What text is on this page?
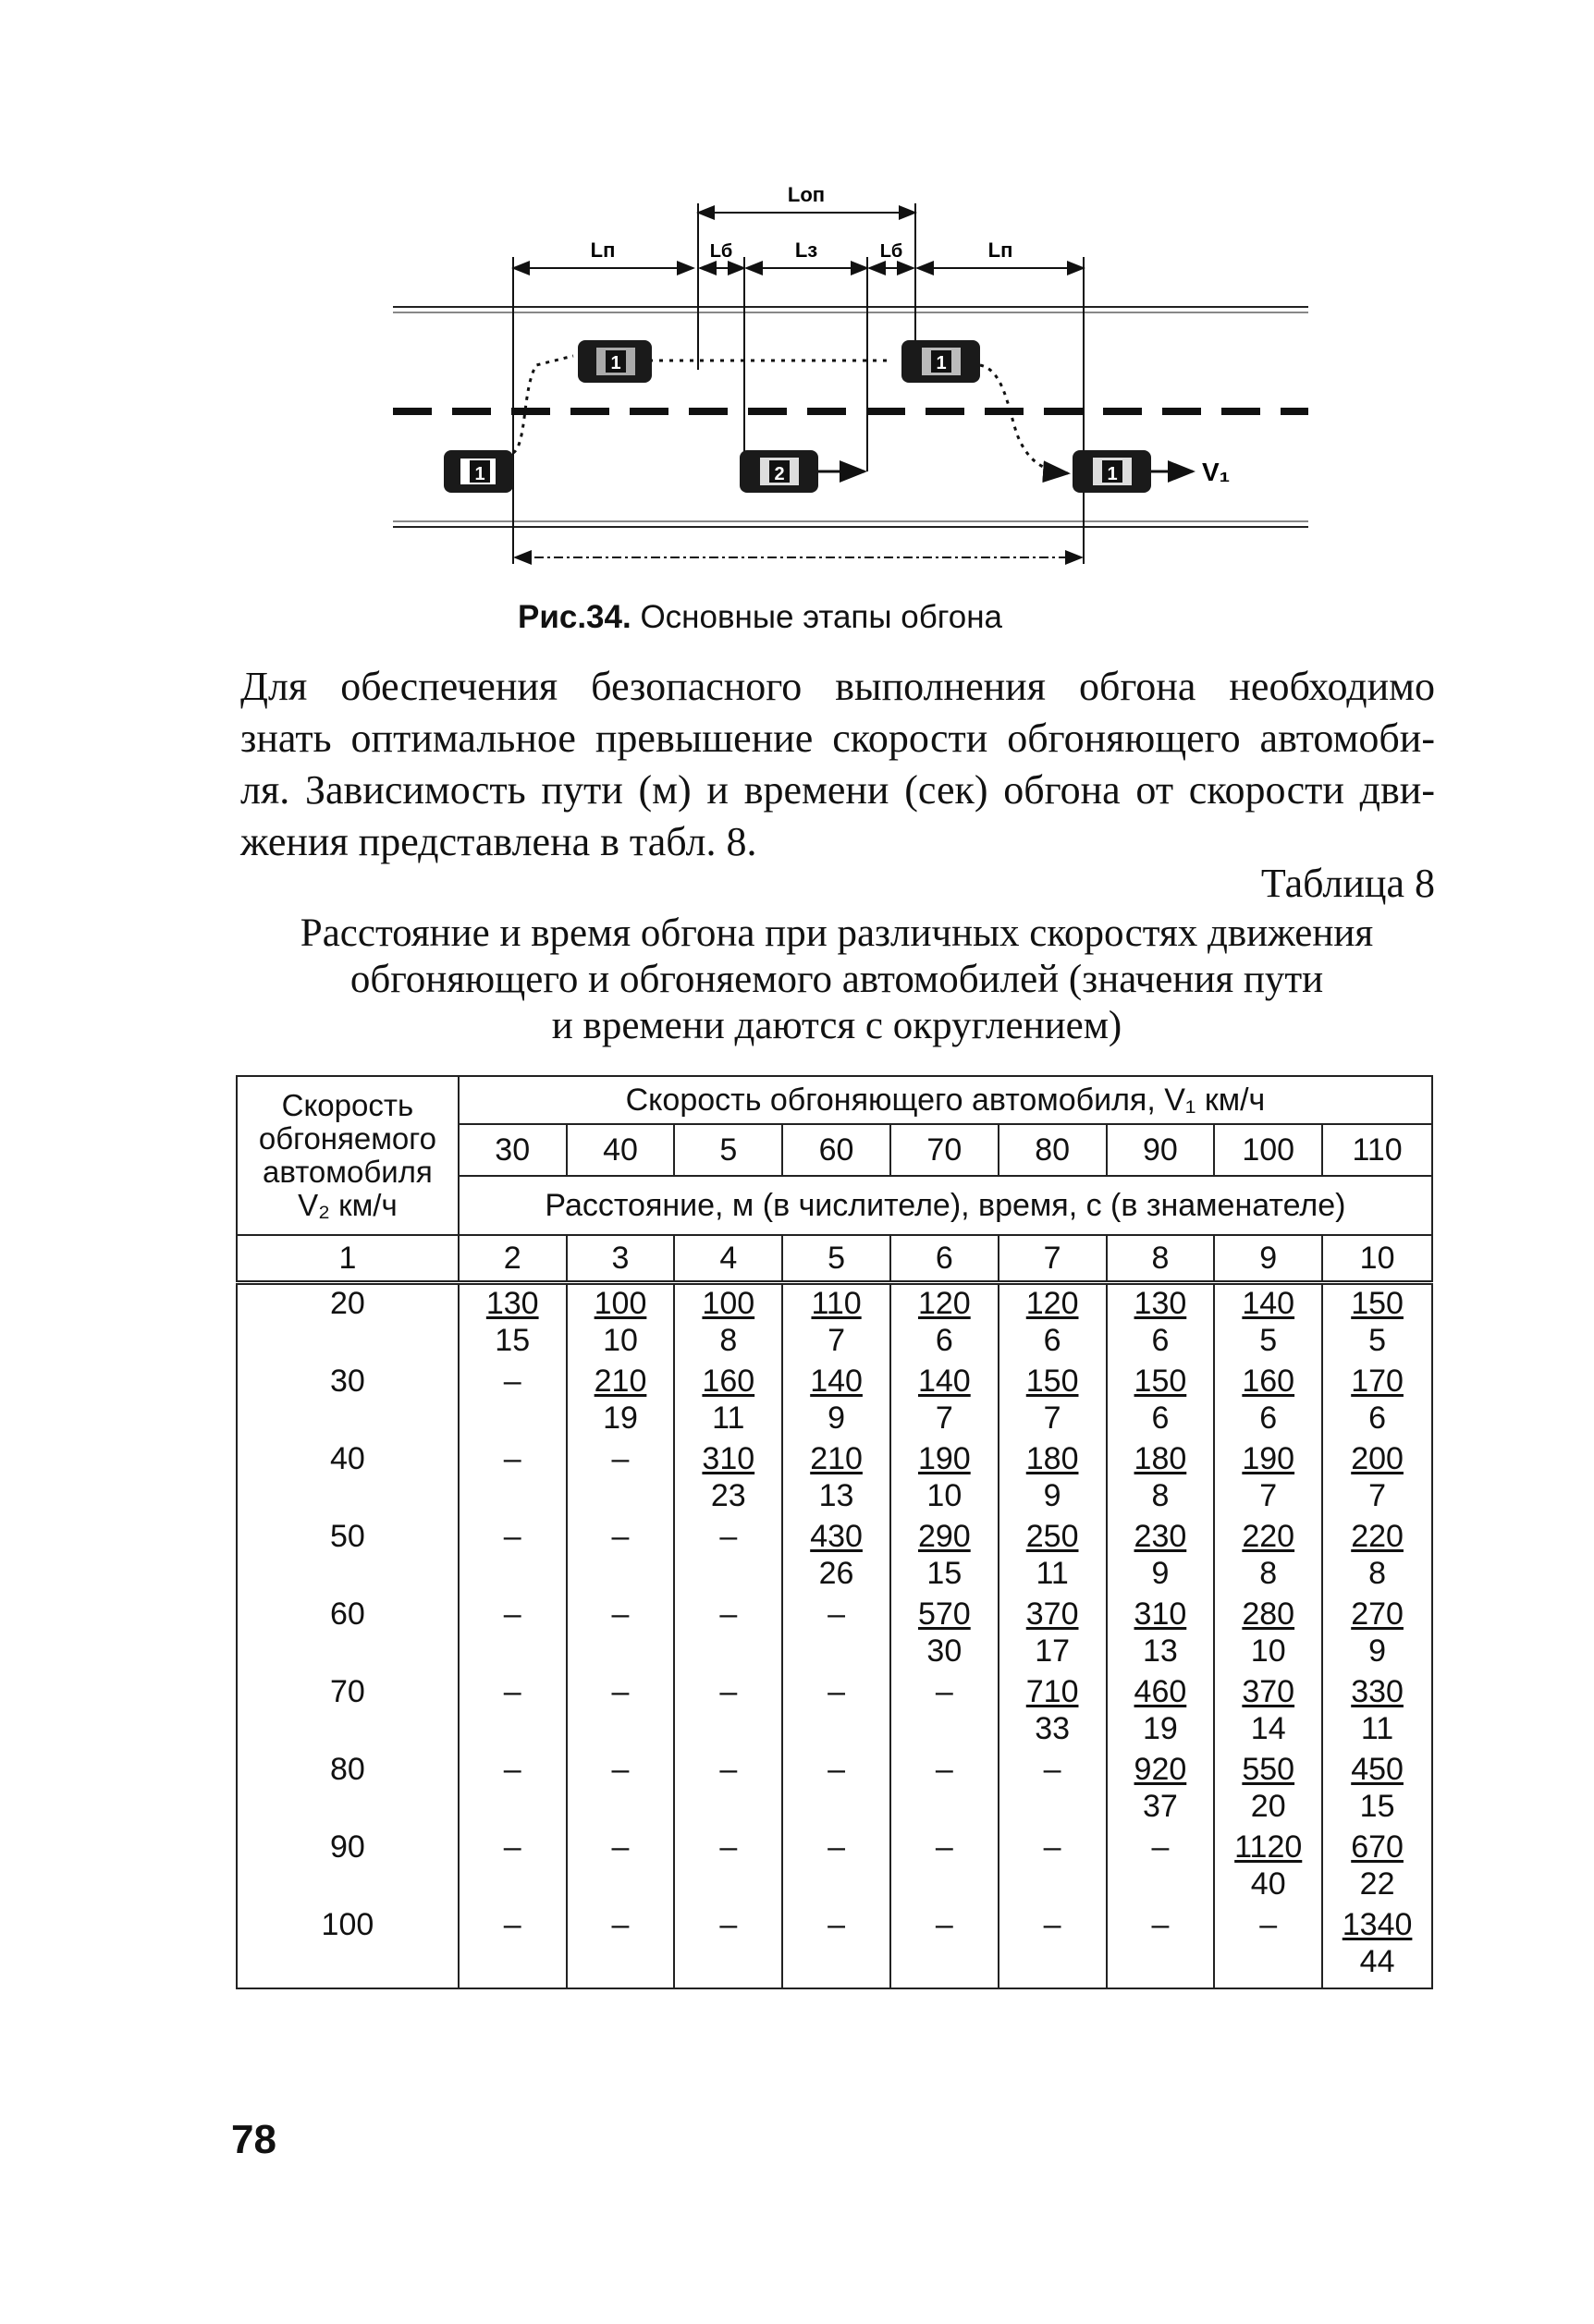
Lоп
Lп	Lб	Lз	Lб	Lп
1
1	1
2	1	V₁
Рис.34. Основные этапы обгона
Для обеспечения безопасного выполнения обгона необходимо
знать оптимальное превышение скорости обгоняющего автомоби-
ля. Зависимость пути (м) и времени (сек) обгона от скорости дви-
жения представлена в табл. 8.
Таблица 8
Расстояние и время обгона при различных скоростях движения
обгоняющего и обгоняемого автомобилей (значения пути
и времени даются с округлением)
Скорость
обгоняемого
автомобиля
V₂ км/ч	Скорость обгоняющего автомобиля, V₁ км/ч								
	30	40	5	60	70	80	90	100	110
	Расстояние, м (в числителе), время, с (в знаменателе)								
1	2	3	4	5	6	7	8	9	10
20	$\frac{130}{15}$	$\frac{100}{10}$	$\frac{100}{8}$	$\frac{110}{7}$	$\frac{120}{6}$	$\frac{120}{6}$	$\frac{130}{6}$	$\frac{140}{5}$	$\frac{150}{5}$

30	–	$\frac{210}{19}$	$\frac{160}{11}$	$\frac{140}{9}$	$\frac{140}{7}$	$\frac{150}{7}$	$\frac{150}{6}$	$\frac{160}{6}$	$\frac{170}{6}$

40	–	–	$\frac{310}{23}$	$\frac{210}{13}$	$\frac{190}{10}$	$\frac{180}{9}$	$\frac{180}{8}$	$\frac{190}{7}$	$\frac{200}{7}$

50	–	–	–	$\frac{430}{26}$	$\frac{290}{15}$	$\frac{250}{11}$	$\frac{230}{9}$	$\frac{220}{8}$	$\frac{220}{8}$

60	–	–	–	–	$\frac{570}{30}$	$\frac{370}{17}$	$\frac{310}{13}$	$\frac{280}{10}$	$\frac{270}{9}$

70	–	–	–	–	–	$\frac{710}{33}$	$\frac{460}{19}$	$\frac{370}{14}$	$\frac{330}{11}$

80	–	–	–	–	–	–	$\frac{920}{37}$	$\frac{550}{20}$	$\frac{450}{15}$

90	–	–	–	–	–	–	–	$\frac{1120}{40}$	$\frac{670}{22}$

100	–	–	–	–	–	–	–	–	$\frac{1340}{44}$
78
